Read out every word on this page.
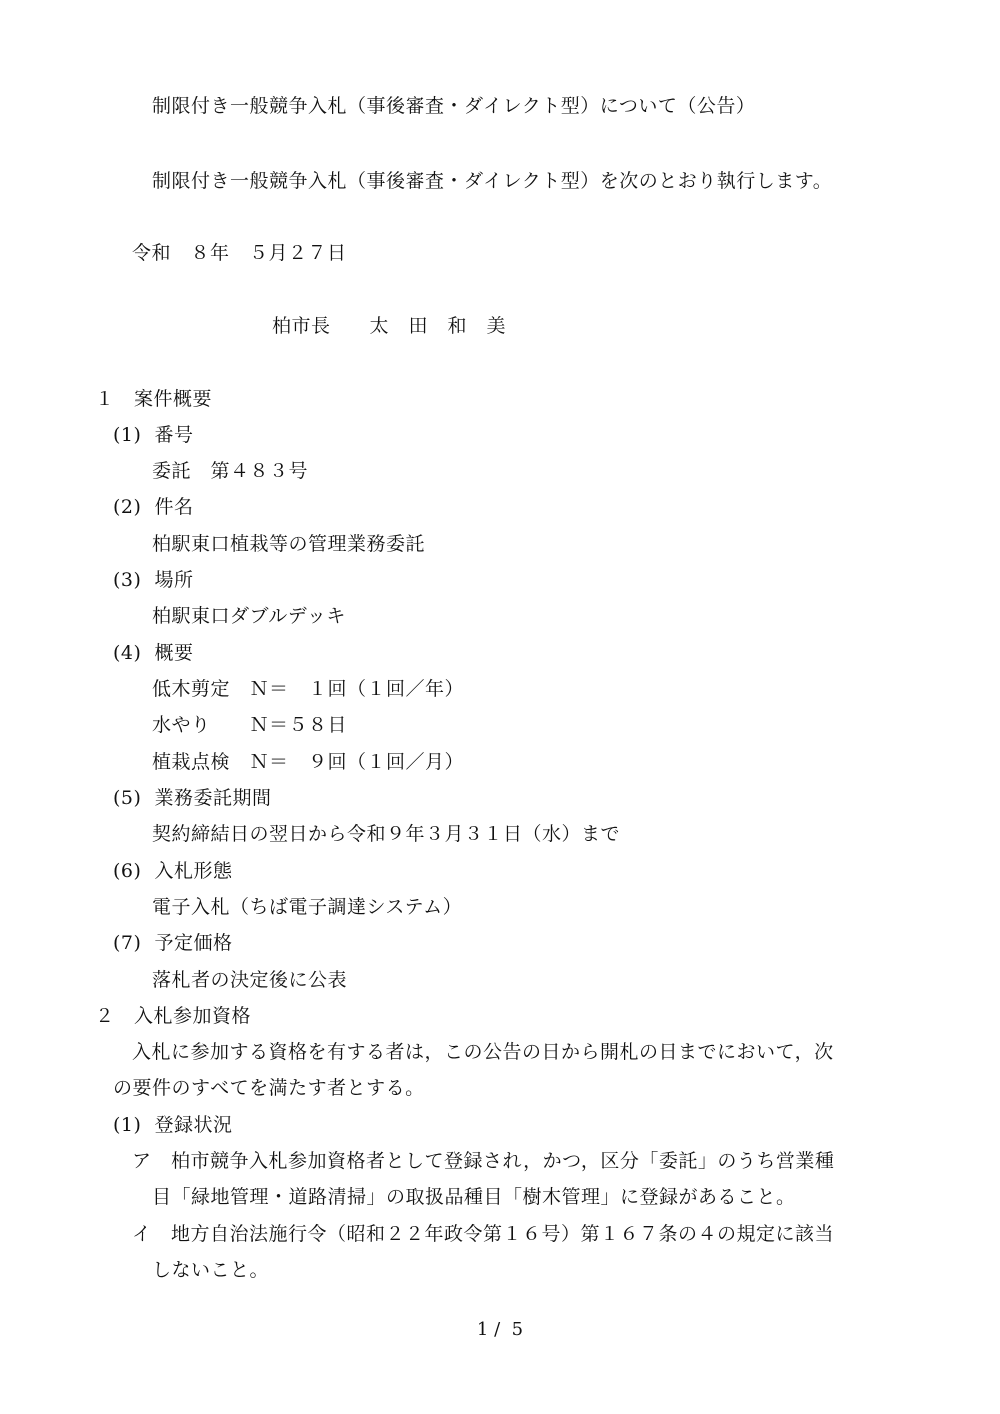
制限付き一般競争入札（事後審査・ダイレクト型）について（公告）
制限付き一般競争入札（事後審査・ダイレクト型）を次のとおり執行します。
令和　８年　５月２７日
柏市長　　太　田　和　美
１　案件概要
(1)  番号
委託　第４８３号
(2)  件名
柏駅東口植栽等の管理業務委託
(3)  場所
柏駅東口ダブルデッキ
(4)  概要
低木剪定　Ｎ＝　１回（１回／年）
水やり　　Ｎ＝５８日
植栽点検　Ｎ＝　９回（１回／月）
(5)  業務委託期間
契約締結日の翌日から令和９年３月３１日（水）まで
(6)  入札形態
電子入札（ちば電子調達システム）
(7)  予定価格
落札者の決定後に公表
２　入札参加資格
入札に参加する資格を有する者は，この公告の日から開札の日までにおいて，次
の要件のすべてを満たす者とする。
(1)  登録状況
ア　柏市競争入札参加資格者として登録され，かつ，区分「委託」のうち営業種
目「緑地管理・道路清掃」の取扱品種目「樹木管理」に登録があること。
イ　地方自治法施行令（昭和２２年政令第１６号）第１６７条の４の規定に該当
しないこと。
1 /  5
